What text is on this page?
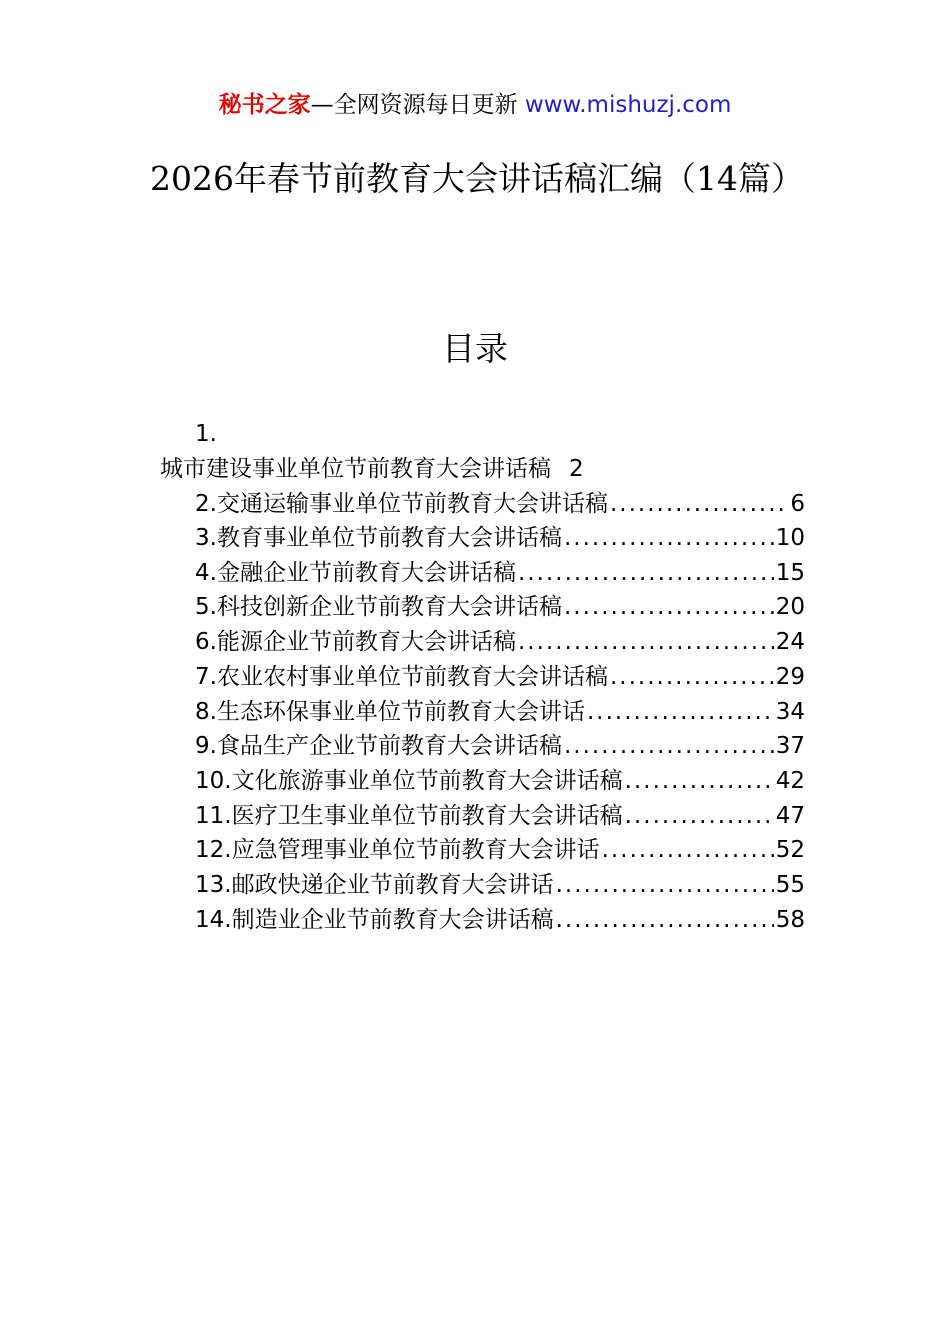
秘书之家—全网资源每日更新 www.mishuzj.com
2026年春节前教育大会讲话稿汇编（14篇）
目录
1.
城市建设事业单位节前教育大会讲话稿 2
2.交通运输事业单位节前教育大会讲话稿 .....	6
3.教育事业单位节前教育大会讲话稿 .....	10
4.金融企业节前教育大会讲话稿 .....	15
5.科技创新企业节前教育大会讲话稿 .....	20
6.能源企业节前教育大会讲话稿 .....	24
7.农业农村事业单位节前教育大会讲话稿 .....	29
8.生态环保事业单位节前教育大会讲话 .....	34
9.食品生产企业节前教育大会讲话稿 .....	37
10.文化旅游事业单位节前教育大会讲话稿 .....	42
11.医疗卫生事业单位节前教育大会讲话稿 .....	47
12.应急管理事业单位节前教育大会讲话 .....	52
13.邮政快递企业节前教育大会讲话 .....	55
14.制造业企业节前教育大会讲话稿 .....	58
